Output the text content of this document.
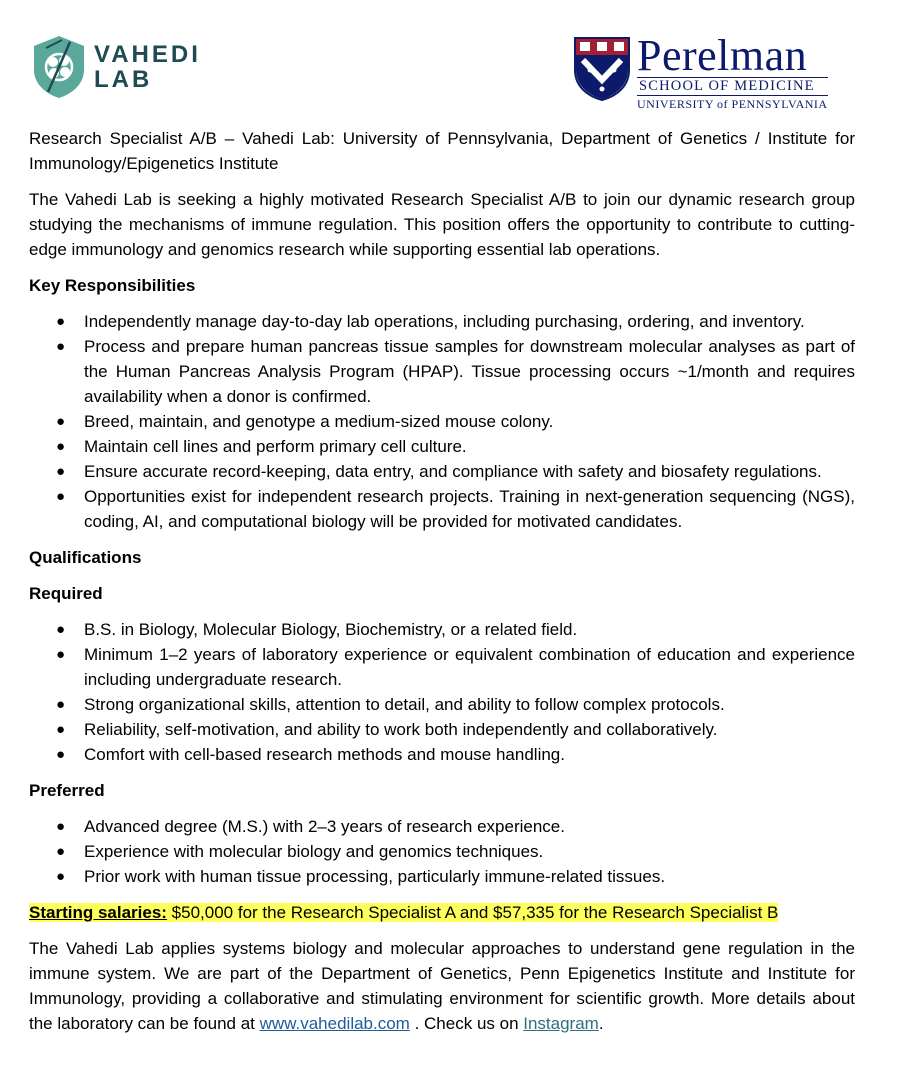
VAHEDI
LAB	Perelman
SCHOOL OF MEDICINE
UNIVERSITY of PENNSYLVANIA

Research Specialist A/B – Vahedi Lab: University of Pennsylvania, Department of Genetics / Institute for Immunology/Epigenetics Institute

The Vahedi Lab is seeking a highly motivated Research Specialist A/B to join our dynamic research group studying the mechanisms of immune regulation. This position offers the opportunity to contribute to cutting-edge immunology and genomics research while supporting essential lab operations.

Key Responsibilities

● Independently manage day-to-day lab operations, including purchasing, ordering, and inventory.
● Process and prepare human pancreas tissue samples for downstream molecular analyses as part of the Human Pancreas Analysis Program (HPAP). Tissue processing occurs ~1/month and requires availability when a donor is confirmed.
● Breed, maintain, and genotype a medium-sized mouse colony.
● Maintain cell lines and perform primary cell culture.
● Ensure accurate record-keeping, data entry, and compliance with safety and biosafety regulations.
● Opportunities exist for independent research projects. Training in next-generation sequencing (NGS), coding, AI, and computational biology will be provided for motivated candidates.

Qualifications

Required

● B.S. in Biology, Molecular Biology, Biochemistry, or a related field.
● Minimum 1–2 years of laboratory experience or equivalent combination of education and experience including undergraduate research.
● Strong organizational skills, attention to detail, and ability to follow complex protocols.
● Reliability, self-motivation, and ability to work both independently and collaboratively.
● Comfort with cell-based research methods and mouse handling.

Preferred

● Advanced degree (M.S.) with 2–3 years of research experience.
● Experience with molecular biology and genomics techniques.
● Prior work with human tissue processing, particularly immune-related tissues.

Starting salaries: $50,000 for the Research Specialist A and $57,335 for the Research Specialist B

The Vahedi Lab applies systems biology and molecular approaches to understand gene regulation in the immune system. We are part of the Department of Genetics, Penn Epigenetics Institute and Institute for Immunology, providing a collaborative and stimulating environment for scientific growth. More details about the laboratory can be found at www.vahedilab.com . Check us on Instagram.
